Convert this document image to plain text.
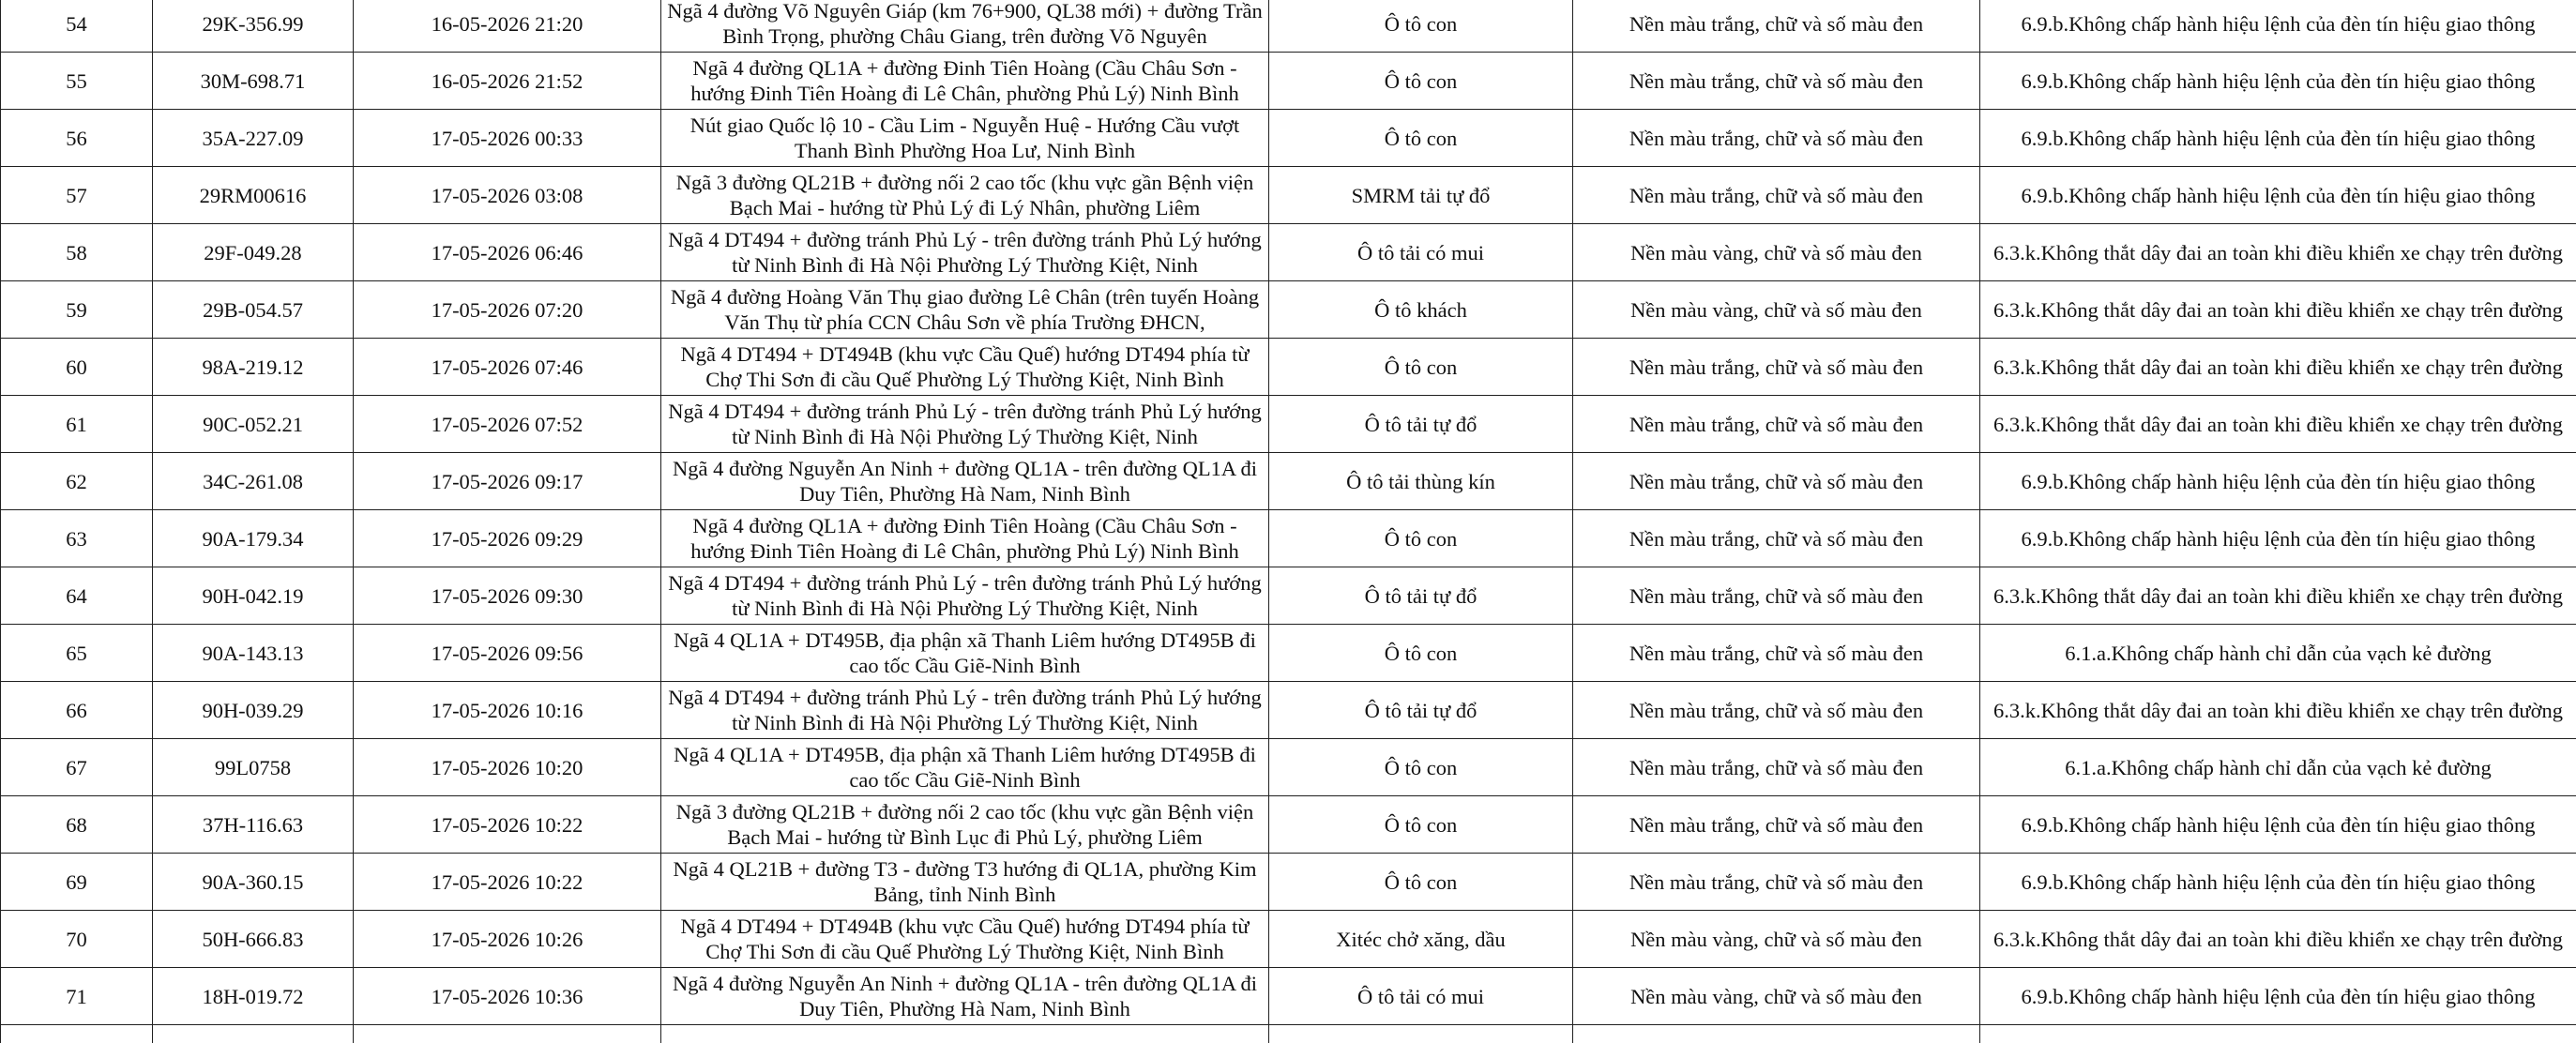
54	29K-356.99	16-05-2026 21:20	Ngã 4 đường Võ Nguyên Giáp (km 76+900, QL38 mới) + đường Trần Bình Trọng, phường Châu Giang, trên đường Võ Nguyên	Ô tô con	Nền màu trắng, chữ và số màu đen	6.9.b.Không chấp hành hiệu lệnh của đèn tín hiệu giao thông
55	30M-698.71	16-05-2026 21:52	Ngã 4 đường QL1A + đường Đinh Tiên Hoàng (Cầu Châu Sơn - hướng Đinh Tiên Hoàng đi Lê Chân, phường Phủ Lý) Ninh Bình	Ô tô con	Nền màu trắng, chữ và số màu đen	6.9.b.Không chấp hành hiệu lệnh của đèn tín hiệu giao thông
56	35A-227.09	17-05-2026 00:33	Nút giao Quốc lộ 10 - Cầu Lim - Nguyễn Huệ - Hướng Cầu vượt Thanh Bình Phường Hoa Lư, Ninh Bình	Ô tô con	Nền màu trắng, chữ và số màu đen	6.9.b.Không chấp hành hiệu lệnh của đèn tín hiệu giao thông
57	29RM00616	17-05-2026 03:08	Ngã 3 đường QL21B + đường nối 2 cao tốc (khu vực gần Bệnh viện Bạch Mai - hướng từ Phủ Lý đi Lý Nhân, phường Liêm	SMRM tải tự đổ	Nền màu trắng, chữ và số màu đen	6.9.b.Không chấp hành hiệu lệnh của đèn tín hiệu giao thông
58	29F-049.28	17-05-2026 06:46	Ngã 4 DT494 + đường tránh Phủ Lý - trên đường tránh Phủ Lý hướng từ Ninh Bình đi Hà Nội Phường Lý Thường Kiệt, Ninh	Ô tô tải có mui	Nền màu vàng, chữ và số màu đen	6.3.k.Không thắt dây đai an toàn khi điều khiển xe chạy trên đường
59	29B-054.57	17-05-2026 07:20	Ngã 4 đường Hoàng Văn Thụ giao đường Lê Chân (trên tuyến Hoàng Văn Thụ từ phía CCN Châu Sơn về phía Trường ĐHCN,	Ô tô khách	Nền màu vàng, chữ và số màu đen	6.3.k.Không thắt dây đai an toàn khi điều khiển xe chạy trên đường
60	98A-219.12	17-05-2026 07:46	Ngã 4 DT494 + DT494B (khu vực Cầu Quế) hướng DT494 phía từ Chợ Thi Sơn đi cầu Quế Phường Lý Thường Kiệt, Ninh Bình	Ô tô con	Nền màu trắng, chữ và số màu đen	6.3.k.Không thắt dây đai an toàn khi điều khiển xe chạy trên đường
61	90C-052.21	17-05-2026 07:52	Ngã 4 DT494 + đường tránh Phủ Lý - trên đường tránh Phủ Lý hướng từ Ninh Bình đi Hà Nội Phường Lý Thường Kiệt, Ninh	Ô tô tải tự đổ	Nền màu trắng, chữ và số màu đen	6.3.k.Không thắt dây đai an toàn khi điều khiển xe chạy trên đường
62	34C-261.08	17-05-2026 09:17	Ngã 4 đường Nguyễn An Ninh + đường QL1A - trên đường QL1A đi Duy Tiên, Phường Hà Nam, Ninh Bình	Ô tô tải thùng kín	Nền màu trắng, chữ và số màu đen	6.9.b.Không chấp hành hiệu lệnh của đèn tín hiệu giao thông
63	90A-179.34	17-05-2026 09:29	Ngã 4 đường QL1A + đường Đinh Tiên Hoàng (Cầu Châu Sơn - hướng Đinh Tiên Hoàng đi Lê Chân, phường Phủ Lý) Ninh Bình	Ô tô con	Nền màu trắng, chữ và số màu đen	6.9.b.Không chấp hành hiệu lệnh của đèn tín hiệu giao thông
64	90H-042.19	17-05-2026 09:30	Ngã 4 DT494 + đường tránh Phủ Lý - trên đường tránh Phủ Lý hướng từ Ninh Bình đi Hà Nội Phường Lý Thường Kiệt, Ninh	Ô tô tải tự đổ	Nền màu trắng, chữ và số màu đen	6.3.k.Không thắt dây đai an toàn khi điều khiển xe chạy trên đường
65	90A-143.13	17-05-2026 09:56	Ngã 4 QL1A + DT495B, địa phận xã Thanh Liêm hướng DT495B đi cao tốc Cầu Giẽ-Ninh Bình	Ô tô con	Nền màu trắng, chữ và số màu đen	6.1.a.Không chấp hành chỉ dẫn của vạch kẻ đường
66	90H-039.29	17-05-2026 10:16	Ngã 4 DT494 + đường tránh Phủ Lý - trên đường tránh Phủ Lý hướng từ Ninh Bình đi Hà Nội Phường Lý Thường Kiệt, Ninh	Ô tô tải tự đổ	Nền màu trắng, chữ và số màu đen	6.3.k.Không thắt dây đai an toàn khi điều khiển xe chạy trên đường
67	99L0758	17-05-2026 10:20	Ngã 4 QL1A + DT495B, địa phận xã Thanh Liêm hướng DT495B đi cao tốc Cầu Giẽ-Ninh Bình	Ô tô con	Nền màu trắng, chữ và số màu đen	6.1.a.Không chấp hành chỉ dẫn của vạch kẻ đường
68	37H-116.63	17-05-2026 10:22	Ngã 3 đường QL21B + đường nối 2 cao tốc (khu vực gần Bệnh viện Bạch Mai - hướng từ Bình Lục đi Phủ Lý, phường Liêm	Ô tô con	Nền màu trắng, chữ và số màu đen	6.9.b.Không chấp hành hiệu lệnh của đèn tín hiệu giao thông
69	90A-360.15	17-05-2026 10:22	Ngã 4 QL21B + đường T3 - đường T3 hướng đi QL1A, phường Kim Bảng, tỉnh Ninh Bình	Ô tô con	Nền màu trắng, chữ và số màu đen	6.9.b.Không chấp hành hiệu lệnh của đèn tín hiệu giao thông
70	50H-666.83	17-05-2026 10:26	Ngã 4 DT494 + DT494B (khu vực Cầu Quế) hướng DT494 phía từ Chợ Thi Sơn đi cầu Quế Phường Lý Thường Kiệt, Ninh Bình	Xitéc chở xăng, dầu	Nền màu vàng, chữ và số màu đen	6.3.k.Không thắt dây đai an toàn khi điều khiển xe chạy trên đường
71	18H-019.72	17-05-2026 10:36	Ngã 4 đường Nguyễn An Ninh + đường QL1A - trên đường QL1A đi Duy Tiên, Phường Hà Nam, Ninh Bình	Ô tô tải có mui	Nền màu vàng, chữ và số màu đen	6.9.b.Không chấp hành hiệu lệnh của đèn tín hiệu giao thông
